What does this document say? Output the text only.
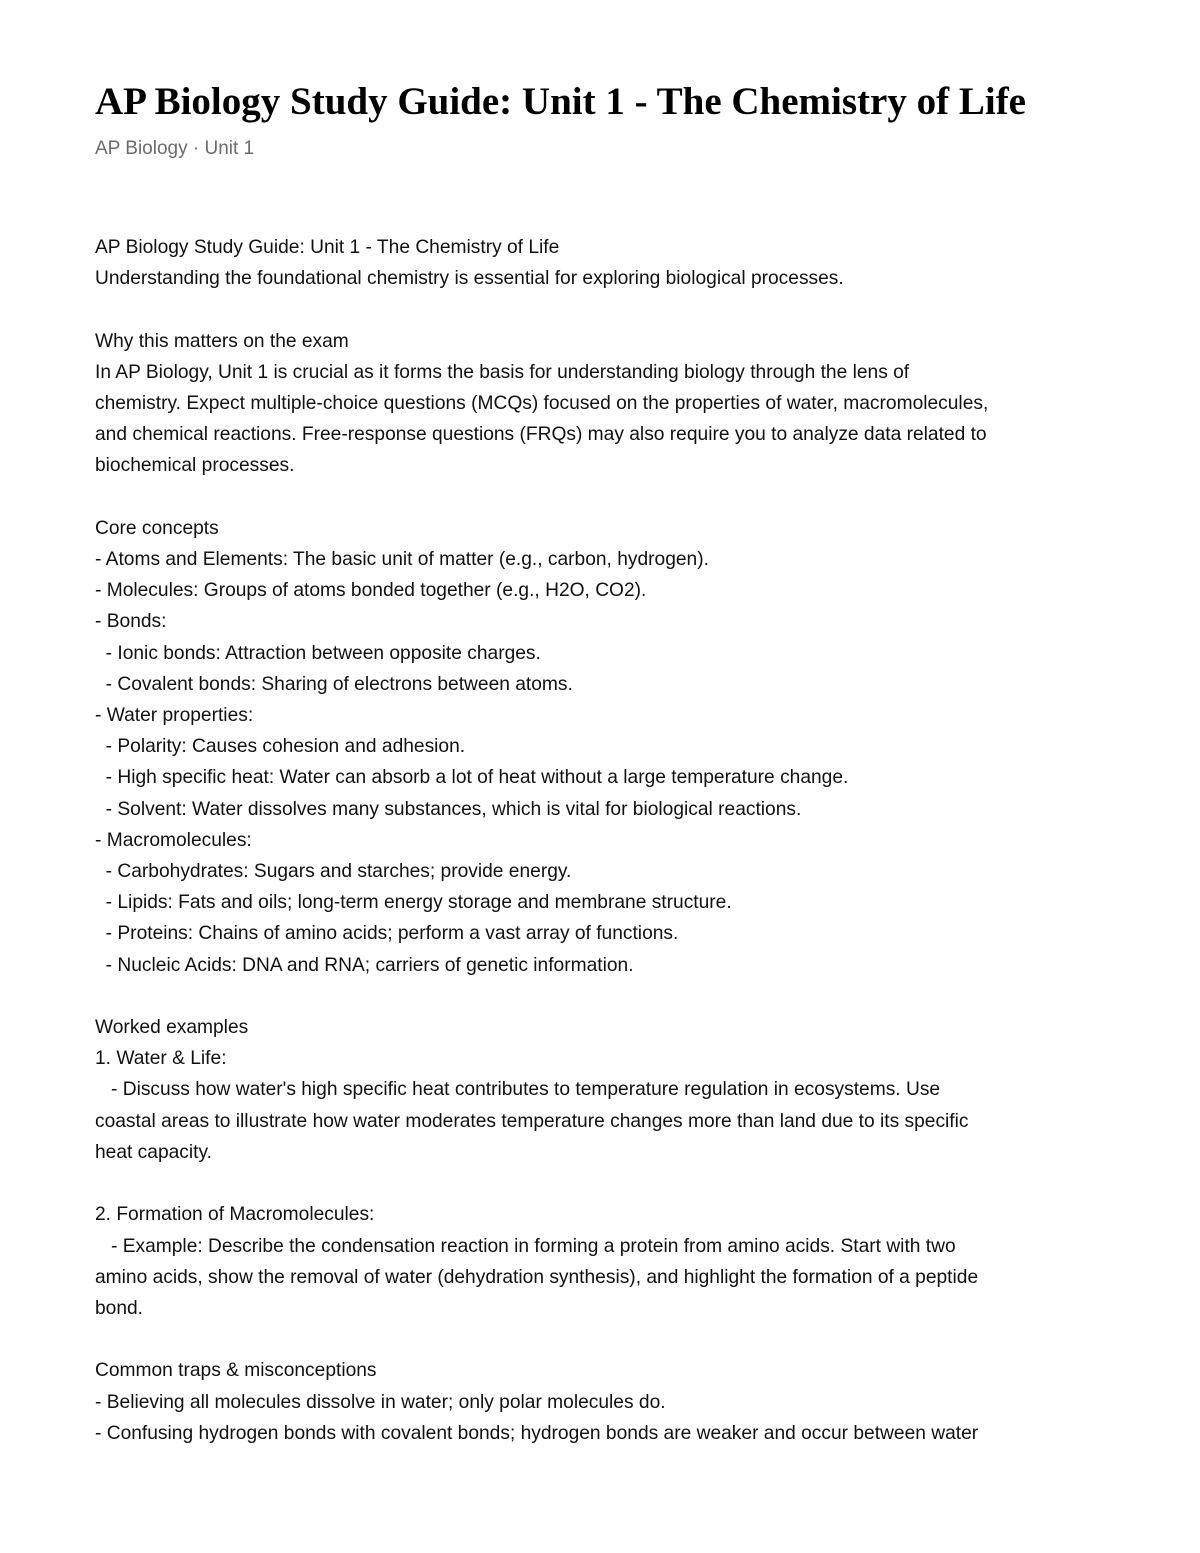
AP Biology Study Guide: Unit 1 - The Chemistry of Life
AP Biology · Unit 1
AP Biology Study Guide: Unit 1 - The Chemistry of Life
Understanding the foundational chemistry is essential for exploring biological processes.

Why this matters on the exam
In AP Biology, Unit 1 is crucial as it forms the basis for understanding biology through the lens of
chemistry. Expect multiple-choice questions (MCQs) focused on the properties of water, macromolecules,
and chemical reactions. Free-response questions (FRQs) may also require you to analyze data related to
biochemical processes.

Core concepts
- Atoms and Elements: The basic unit of matter (e.g., carbon, hydrogen).
- Molecules: Groups of atoms bonded together (e.g., H2O, CO2).
- Bonds:
- Ionic bonds: Attraction between opposite charges.
- Covalent bonds: Sharing of electrons between atoms.
- Water properties:
- Polarity: Causes cohesion and adhesion.
- High specific heat: Water can absorb a lot of heat without a large temperature change.
- Solvent: Water dissolves many substances, which is vital for biological reactions.
- Macromolecules:
- Carbohydrates: Sugars and starches; provide energy.
- Lipids: Fats and oils; long-term energy storage and membrane structure.
- Proteins: Chains of amino acids; perform a vast array of functions.
- Nucleic Acids: DNA and RNA; carriers of genetic information.

Worked examples
1. Water & Life:
- Discuss how water's high specific heat contributes to temperature regulation in ecosystems. Use
coastal areas to illustrate how water moderates temperature changes more than land due to its specific
heat capacity.

2. Formation of Macromolecules:
- Example: Describe the condensation reaction in forming a protein from amino acids. Start with two
amino acids, show the removal of water (dehydration synthesis), and highlight the formation of a peptide
bond.

Common traps & misconceptions
- Believing all molecules dissolve in water; only polar molecules do.
- Confusing hydrogen bonds with covalent bonds; hydrogen bonds are weaker and occur between water
